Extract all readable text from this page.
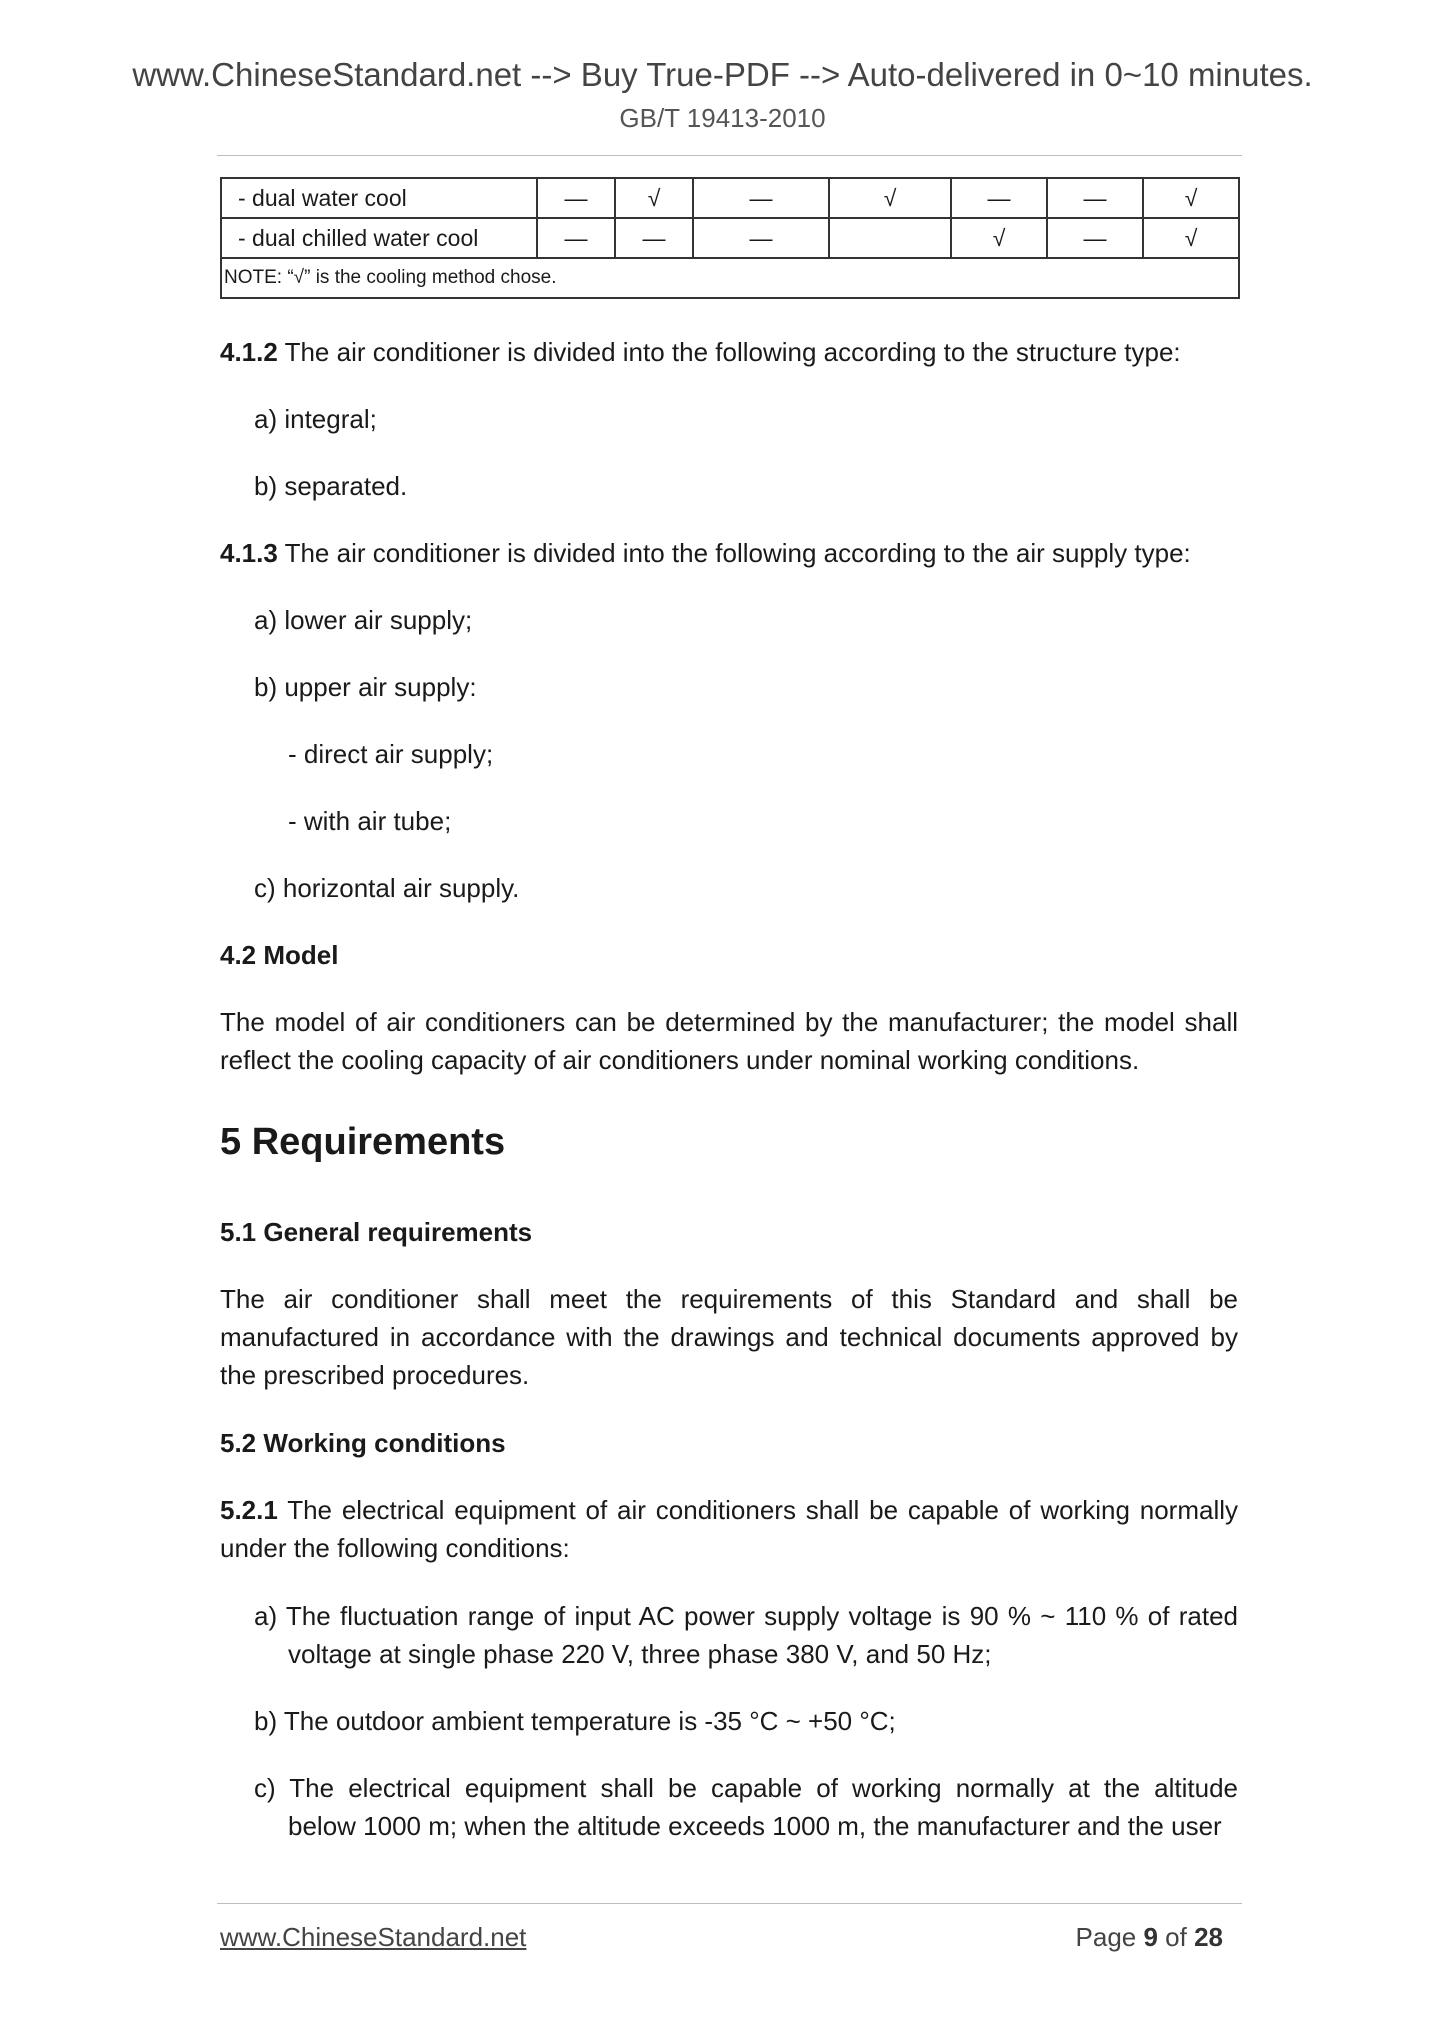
www.ChineseStandard.net --> Buy True-PDF --> Auto-delivered in 0~10 minutes.
GB/T 19413-2010
- dual water cool	—	√	—	√	—	—	√
- dual chilled water cool	—	—	—		√	—	√
NOTE: “√” is the cooling method chose.							

4.1.2 The air conditioner is divided into the following according to the structure type:

a) integral;

b) separated.

4.1.3 The air conditioner is divided into the following according to the air supply type:

a) lower air supply;

b) upper air supply:

- direct air supply;

- with air tube;

c) horizontal air supply.

4.2 Model

The model of air conditioners can be determined by the manufacturer; the model shall reflect the cooling capacity of air conditioners under nominal working conditions.

5 Requirements

5.1 General requirements

The air conditioner shall meet the requirements of this Standard and shall be manufactured in accordance with the drawings and technical documents approved by the prescribed procedures.

5.2 Working conditions

5.2.1 The electrical equipment of air conditioners shall be capable of working normally under the following conditions:

a) The fluctuation range of input AC power supply voltage is 90 % ~ 110 % of rated
voltage at single phase 220 V, three phase 380 V, and 50 Hz;

b) The outdoor ambient temperature is -35 °C ~ +50 °C;

c) The electrical equipment shall be capable of working normally at the altitude
below 1000 m; when the altitude exceeds 1000 m, the manufacturer and the user
www.ChineseStandard.net	Page 9 of 28
